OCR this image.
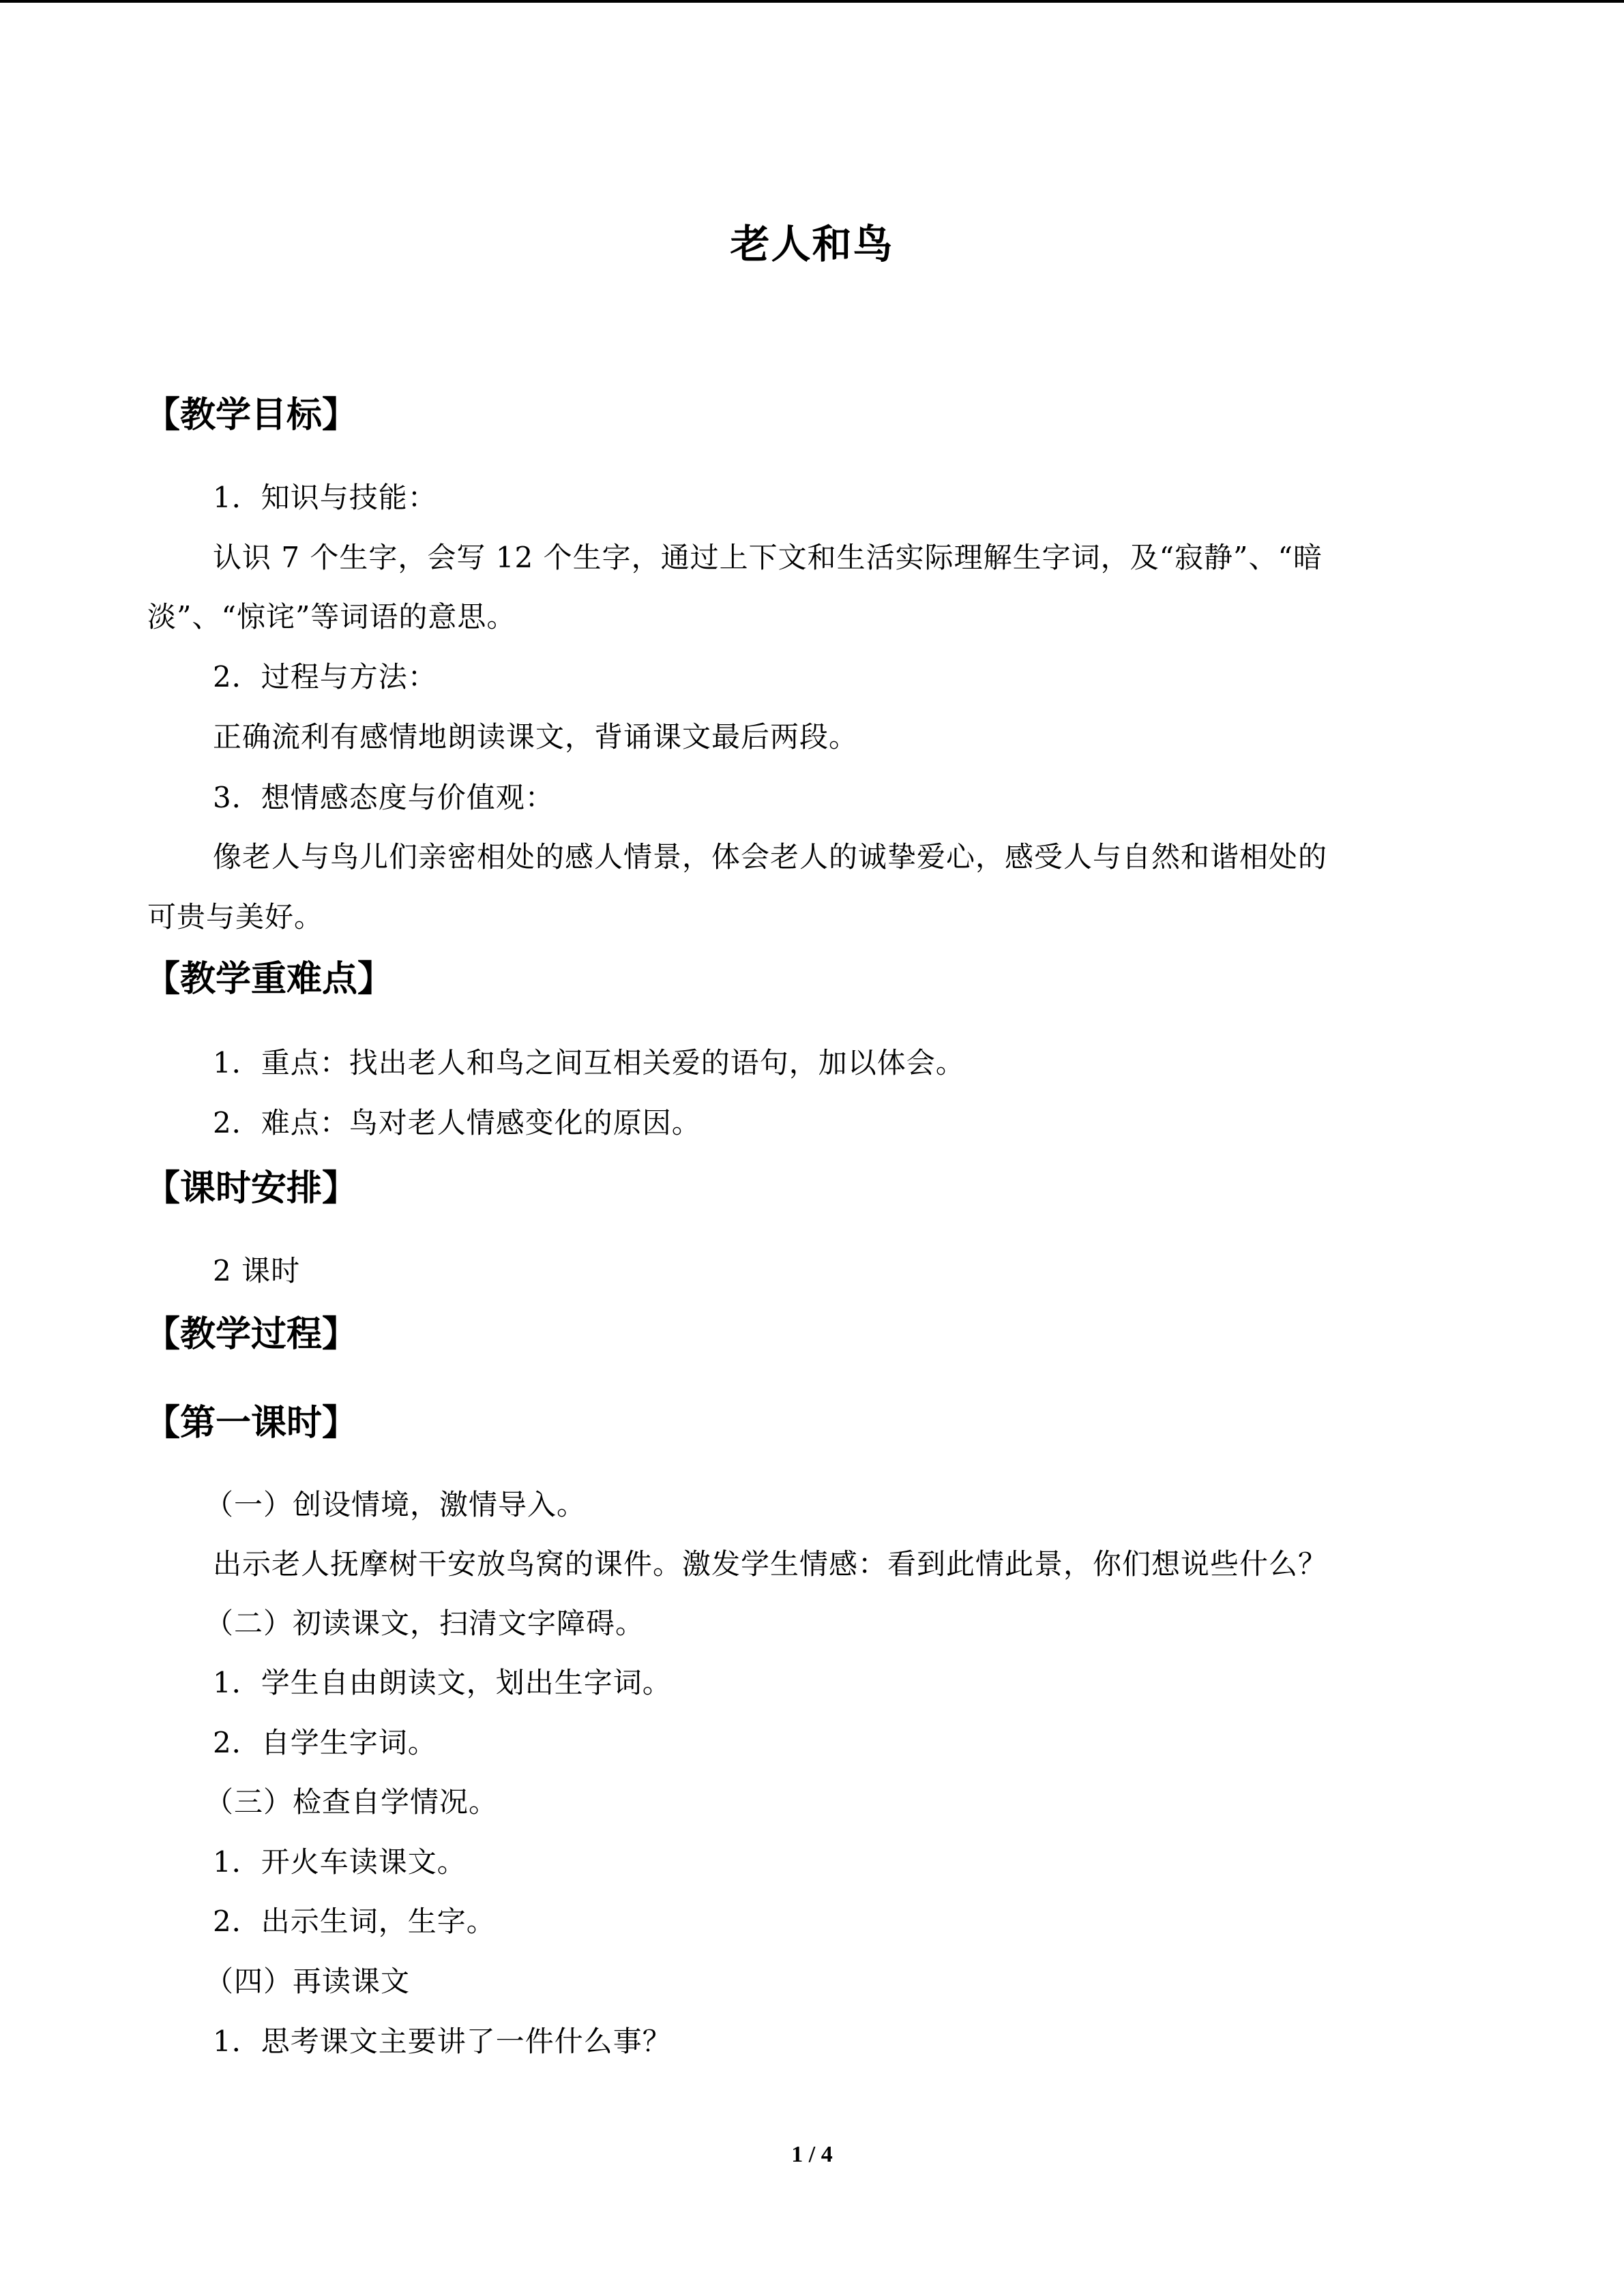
老人和鸟
【教学目标】
1．知识与技能：
认识 7 个生字，会写 12 个生字，通过上下文和生活实际理解生字词，及“寂静”、“暗
淡”、“惊诧”等词语的意思。
2．过程与方法：
正确流利有感情地朗读课文，背诵课文最后两段。
3．想情感态度与价值观：
像老人与鸟儿们亲密相处的感人情景，体会老人的诚挚爱心，感受人与自然和谐相处的
可贵与美好。
【教学重难点】
1．重点：找出老人和鸟之间互相关爱的语句，加以体会。
2．难点：鸟对老人情感变化的原因。
【课时安排】
2 课时
【教学过程】
【第一课时】
（一）创设情境，激情导入。
出示老人抚摩树干安放鸟窝的课件。激发学生情感：看到此情此景，你们想说些什么？
（二）初读课文，扫清文字障碍。
1．学生自由朗读文，划出生字词。
2．自学生字词。
（三）检查自学情况。
1．开火车读课文。
2．出示生词，生字。
（四）再读课文
1．思考课文主要讲了一件什么事？
1 / 4
